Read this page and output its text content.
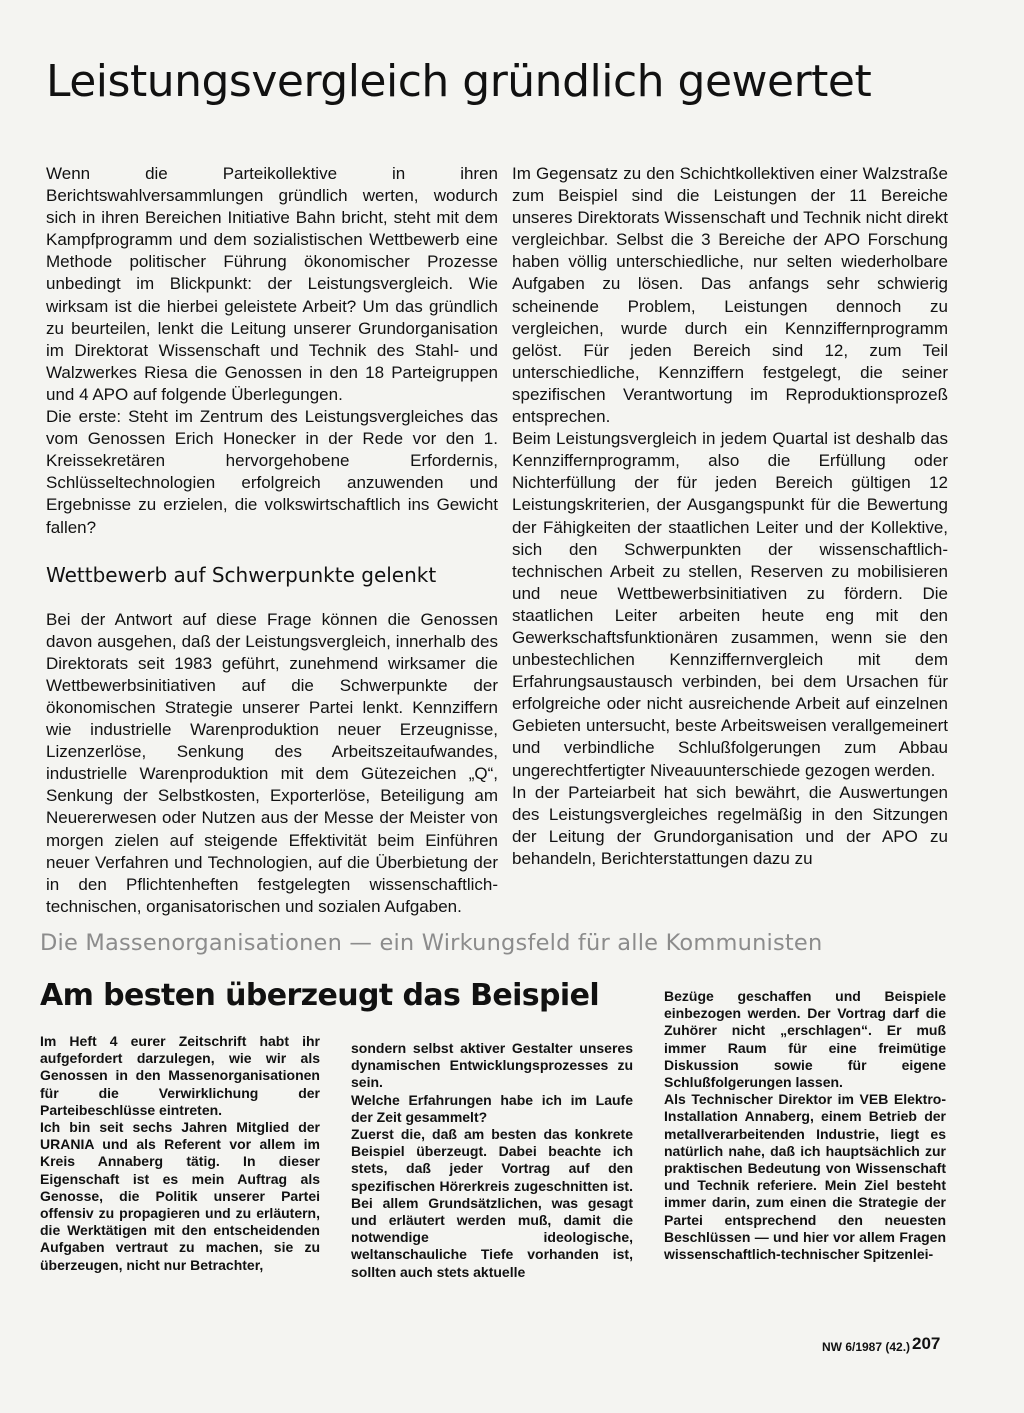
Leistungsvergleich gründlich gewertet

Wenn die Parteikollektive in ihren Berichtswahlversammlungen gründlich werten, wodurch sich in ihren Bereichen Initiative Bahn bricht, steht mit dem Kampfprogramm und dem sozialistischen Wettbewerb eine Methode politischer Führung ökonomischer Prozesse unbedingt im Blickpunkt: der Leistungsvergleich. Wie wirksam ist die hierbei geleistete Arbeit? Um das gründlich zu beurteilen, lenkt die Leitung unserer Grundorganisation im Direktorat Wissenschaft und Technik des Stahl- und Walzwerkes Riesa die Genossen in den 18 Parteigruppen und 4 APO auf folgende Überlegungen.

Die erste: Steht im Zentrum des Leistungsvergleiches das vom Genossen Erich Honecker in der Rede vor den 1. Kreissekretären hervorgehobene Erfordernis, Schlüsseltechnologien erfolgreich anzuwenden und Ergebnisse zu erzielen, die volkswirtschaftlich ins Gewicht fallen?

Wettbewerb auf Schwerpunkte gelenkt

Bei der Antwort auf diese Frage können die Genossen davon ausgehen, daß der Leistungsvergleich, innerhalb des Direktorats seit 1983 geführt, zunehmend wirksamer die Wettbewerbsinitiativen auf die Schwerpunkte der ökonomischen Strategie unserer Partei lenkt. Kennziffern wie industrielle Warenproduktion neuer Erzeugnisse, Lizenzerlöse, Senkung des Arbeitszeitaufwandes, industrielle Warenproduktion mit dem Gütezeichen „Q“, Senkung der Selbstkosten, Exporterlöse, Beteiligung am Neuererwesen oder Nutzen aus der Messe der Meister von morgen zielen auf steigende Effektivität beim Einführen neuer Verfahren und Technologien, auf die Überbietung der in den Pflichtenheften festgelegten wissenschaftlich-technischen, organisatorischen und sozialen Aufgaben.

Im Gegensatz zu den Schichtkollektiven einer Walzstraße zum Beispiel sind die Leistungen der 11 Bereiche unseres Direktorats Wissenschaft und Technik nicht direkt vergleichbar. Selbst die 3 Bereiche der APO Forschung haben völlig unterschiedliche, nur selten wiederholbare Aufgaben zu lösen. Das anfangs sehr schwierig scheinende Problem, Leistungen dennoch zu vergleichen, wurde durch ein Kennziffernprogramm gelöst. Für jeden Bereich sind 12, zum Teil unterschiedliche, Kennziffern festgelegt, die seiner spezifischen Verantwortung im Reproduktionsprozeß entsprechen.

Beim Leistungsvergleich in jedem Quartal ist deshalb das Kennziffernprogramm, also die Erfüllung oder Nichterfüllung der für jeden Bereich gültigen 12 Leistungskriterien, der Ausgangspunkt für die Bewertung der Fähigkeiten der staatlichen Leiter und der Kollektive, sich den Schwerpunkten der wissenschaftlich-technischen Arbeit zu stellen, Reserven zu mobilisieren und neue Wettbewerbsinitiativen zu fördern. Die staatlichen Leiter arbeiten heute eng mit den Gewerkschaftsfunktionären zusammen, wenn sie den unbestechlichen Kennziffernvergleich mit dem Erfahrungsaustausch verbinden, bei dem Ursachen für erfolgreiche oder nicht ausreichende Arbeit auf einzelnen Gebieten untersucht, beste Arbeitsweisen verallgemeinert und verbindliche Schlußfolgerungen zum Abbau ungerechtfertigter Niveauunterschiede gezogen werden.

In der Parteiarbeit hat sich bewährt, die Auswertungen des Leistungsvergleiches regelmäßig in den Sitzungen der Leitung der Grundorganisation und der APO zu behandeln, Berichterstattungen dazu zu

Die Massenorganisationen — ein Wirkungsfeld für alle Kommunisten
Am besten überzeugt das Beispiel

Im Heft 4 eurer Zeitschrift habt ihr aufgefordert darzulegen, wie wir als Genossen in den Massenorganisationen für die Verwirklichung der Parteibeschlüsse eintreten.

Ich bin seit sechs Jahren Mitglied der URANIA und als Referent vor allem im Kreis Annaberg tätig. In dieser Eigenschaft ist es mein Auftrag als Genosse, die Politik unserer Partei offensiv zu propagieren und zu erläutern, die Werktätigen mit den entscheidenden Aufgaben vertraut zu machen, sie zu überzeugen, nicht nur Betrachter,

sondern selbst aktiver Gestalter unseres dynamischen Entwicklungsprozesses zu sein.

Welche Erfahrungen habe ich im Laufe der Zeit gesammelt?

Zuerst die, daß am besten das konkrete Beispiel überzeugt. Dabei beachte ich stets, daß jeder Vortrag auf den spezifischen Hörerkreis zugeschnitten ist. Bei allem Grundsätzlichen, was gesagt und erläutert werden muß, damit die notwendige ideologische, weltanschauliche Tiefe vorhanden ist, sollten auch stets aktuelle

Bezüge geschaffen und Beispiele einbezogen werden. Der Vortrag darf die Zuhörer nicht „erschlagen“. Er muß immer Raum für eine freimütige Diskussion sowie für eigene Schlußfolgerungen lassen.

Als Technischer Direktor im VEB Elektro-Installation Annaberg, einem Betrieb der metallverarbeitenden Industrie, liegt es natürlich nahe, daß ich hauptsächlich zur praktischen Bedeutung von Wissenschaft und Technik referiere. Mein Ziel besteht immer darin, zum einen die Strategie der Partei entsprechend den neuesten Beschlüssen — und hier vor allem Fragen wissenschaftlich-technischer Spitzenlei-

NW 6/1987 (42.) 207
